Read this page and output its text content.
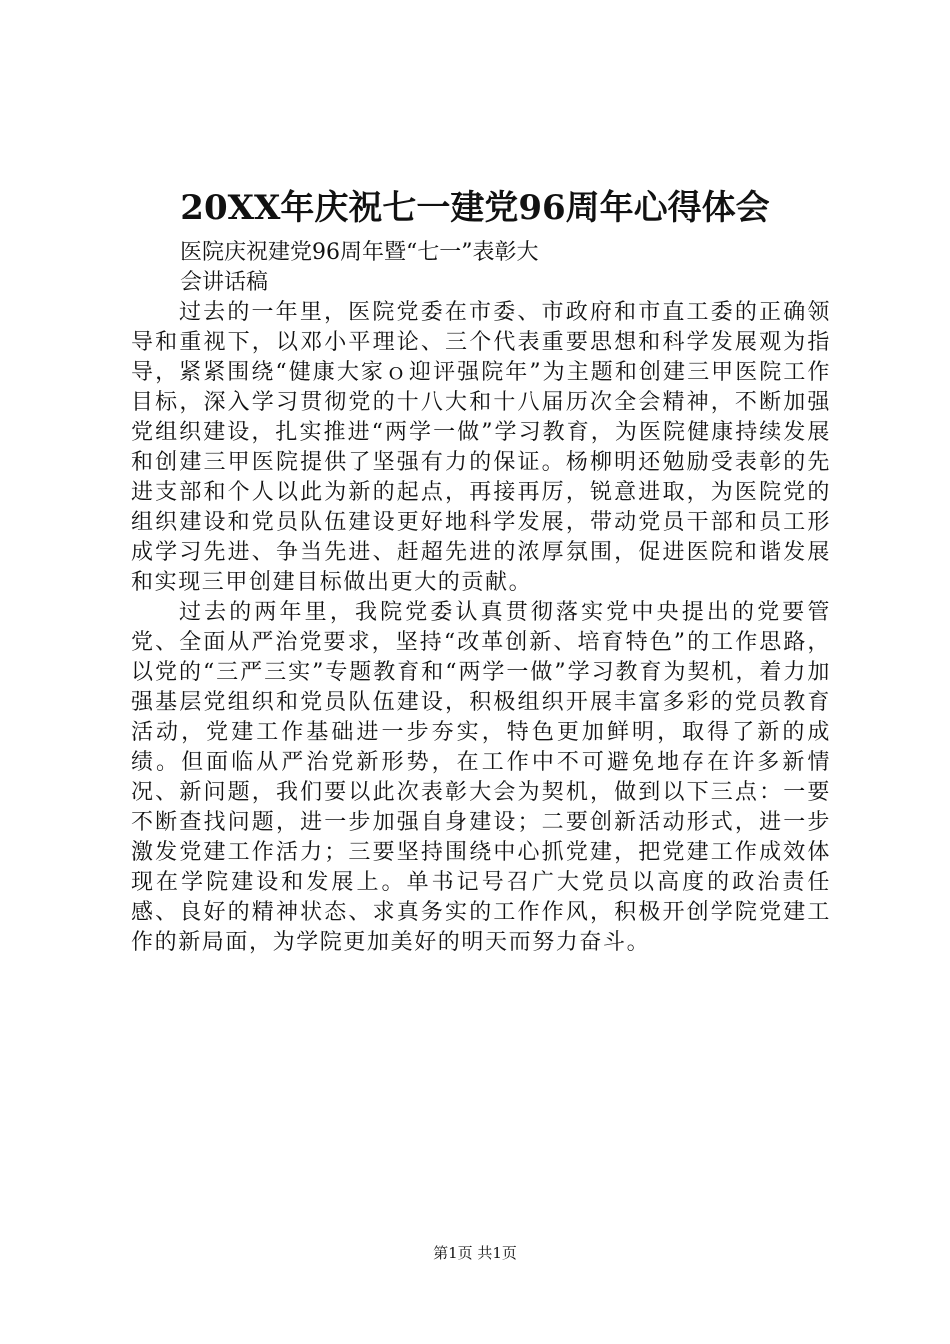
20XX年庆祝七一建党96周年心得体会
医院庆祝建党96周年暨“七一”表彰大
会讲话稿

过去的一年里，医院党委在市委、市政府和市直工委的正确领导和重视下，以邓小平理论、三个代表重要思想和科学发展观为指导，紧紧围绕“健康大家ｏ迎评强院年”为主题和创建三甲医院工作目标，深入学习贯彻党的十八大和十八届历次全会精神，不断加强党组织建设，扎实推进“两学一做”学习教育，为医院健康持续发展和创建三甲医院提供了坚强有力的保证。杨柳明还勉励受表彰的先进支部和个人以此为新的起点，再接再厉，锐意进取，为医院党的组织建设和党员队伍建设更好地科学发展，带动党员干部和员工形成学习先进、争当先进、赶超先进的浓厚氛围，促进医院和谐发展和实现三甲创建目标做出更大的贡献。

过去的两年里，我院党委认真贯彻落实党中央提出的党要管党、全面从严治党要求，坚持“改革创新、培育特色”的工作思路，以党的“三严三实”专题教育和“两学一做”学习教育为契机，着力加强基层党组织和党员队伍建设，积极组织开展丰富多彩的党员教育活动，党建工作基础进一步夯实，特色更加鲜明，取得了新的成绩。但面临从严治党新形势，在工作中不可避免地存在许多新情况、新问题，我们要以此次表彰大会为契机，做到以下三点：一要不断查找问题，进一步加强自身建设；二要创新活动形式，进一步激发党建工作活力；三要坚持围绕中心抓党建，把党建工作成效体现在学院建设和发展上。单书记号召广大党员以高度的政治责任感、良好的精神状态、求真务实的工作作风，积极开创学院党建工作的新局面，为学院更加美好的明天而努力奋斗。

第1页 共1页
